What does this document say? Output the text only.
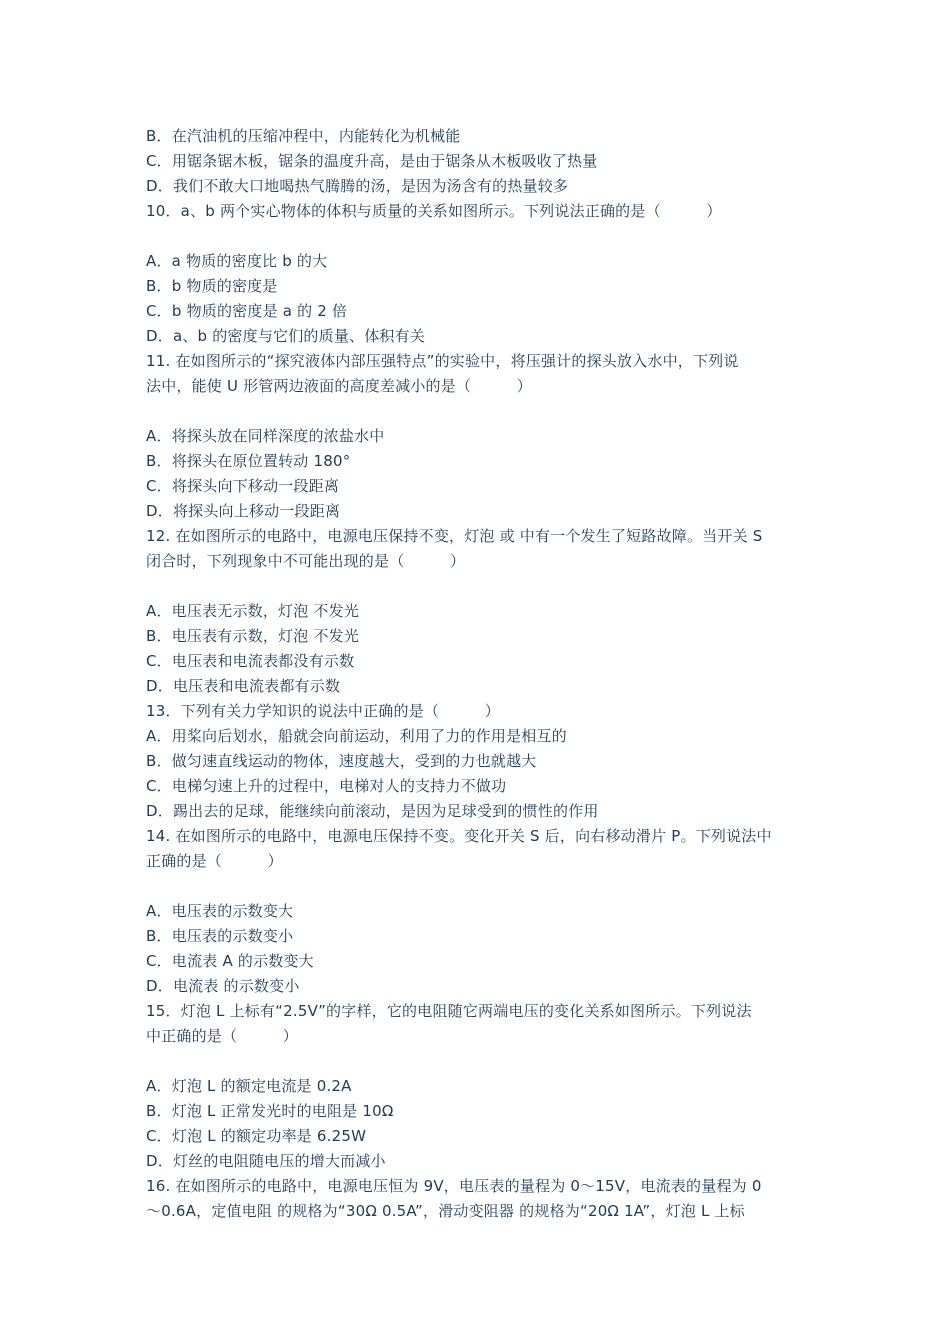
B．在汽油机的压缩冲程中，内能转化为机械能
C．用锯条锯木板，锯条的温度升高，是由于锯条从木板吸收了热量
D．我们不敢大口地喝热气腾腾的汤，是因为汤含有的热量较多
10．a、b 两个实心物体的体积与质量的关系如图所示。下列说法正确的是（　　　）
A．a 物质的密度比 b 的大
B．b 物质的密度是
C．b 物质的密度是 a 的 2 倍
D．a、b 的密度与它们的质量、体积有关
11. 在如图所示的“探究液体内部压强特点”的实验中，将压强计的探头放入水中，下列说
法中，能使 U 形管两边液面的高度差减小的是（　　　）
A．将探头放在同样深度的浓盐水中
B．将探头在原位置转动 180°
C．将探头向下移动一段距离
D．将探头向上移动一段距离
12. 在如图所示的电路中，电源电压保持不变，灯泡 或 中有一个发生了短路故障。当开关 S
闭合时，下列现象中不可能出现的是（　　　）
A．电压表无示数，灯泡 不发光
B．电压表有示数，灯泡 不发光
C．电压表和电流表都没有示数
D．电压表和电流表都有示数
13．下列有关力学知识的说法中正确的是（　　　）
A．用桨向后划水，船就会向前运动，利用了力的作用是相互的
B．做匀速直线运动的物体，速度越大，受到的力也就越大
C．电梯匀速上升的过程中，电梯对人的支持力不做功
D．踢出去的足球，能继续向前滚动，是因为足球受到的惯性的作用
14. 在如图所示的电路中，电源电压保持不变。变化开关 S 后，向右移动滑片 P。下列说法中
正确的是（　　　）
A．电压表的示数变大
B．电压表的示数变小
C．电流表 A 的示数变大
D．电流表 的示数变小
15．灯泡 L 上标有“2.5V”的字样，它的电阻随它两端电压的变化关系如图所示。下列说法
中正确的是（　　　）
A．灯泡 L 的额定电流是 0.2A
B．灯泡 L 正常发光时的电阻是 10Ω
C．灯泡 L 的额定功率是 6.25W
D．灯丝的电阻随电压的增大而减小
16. 在如图所示的电路中，电源电压恒为 9V，电压表的量程为 0～15V，电流表的量程为 0
～0.6A，定值电阻 的规格为“30Ω 0.5A”，滑动变阻器 的规格为“20Ω 1A”，灯泡 L 上标
